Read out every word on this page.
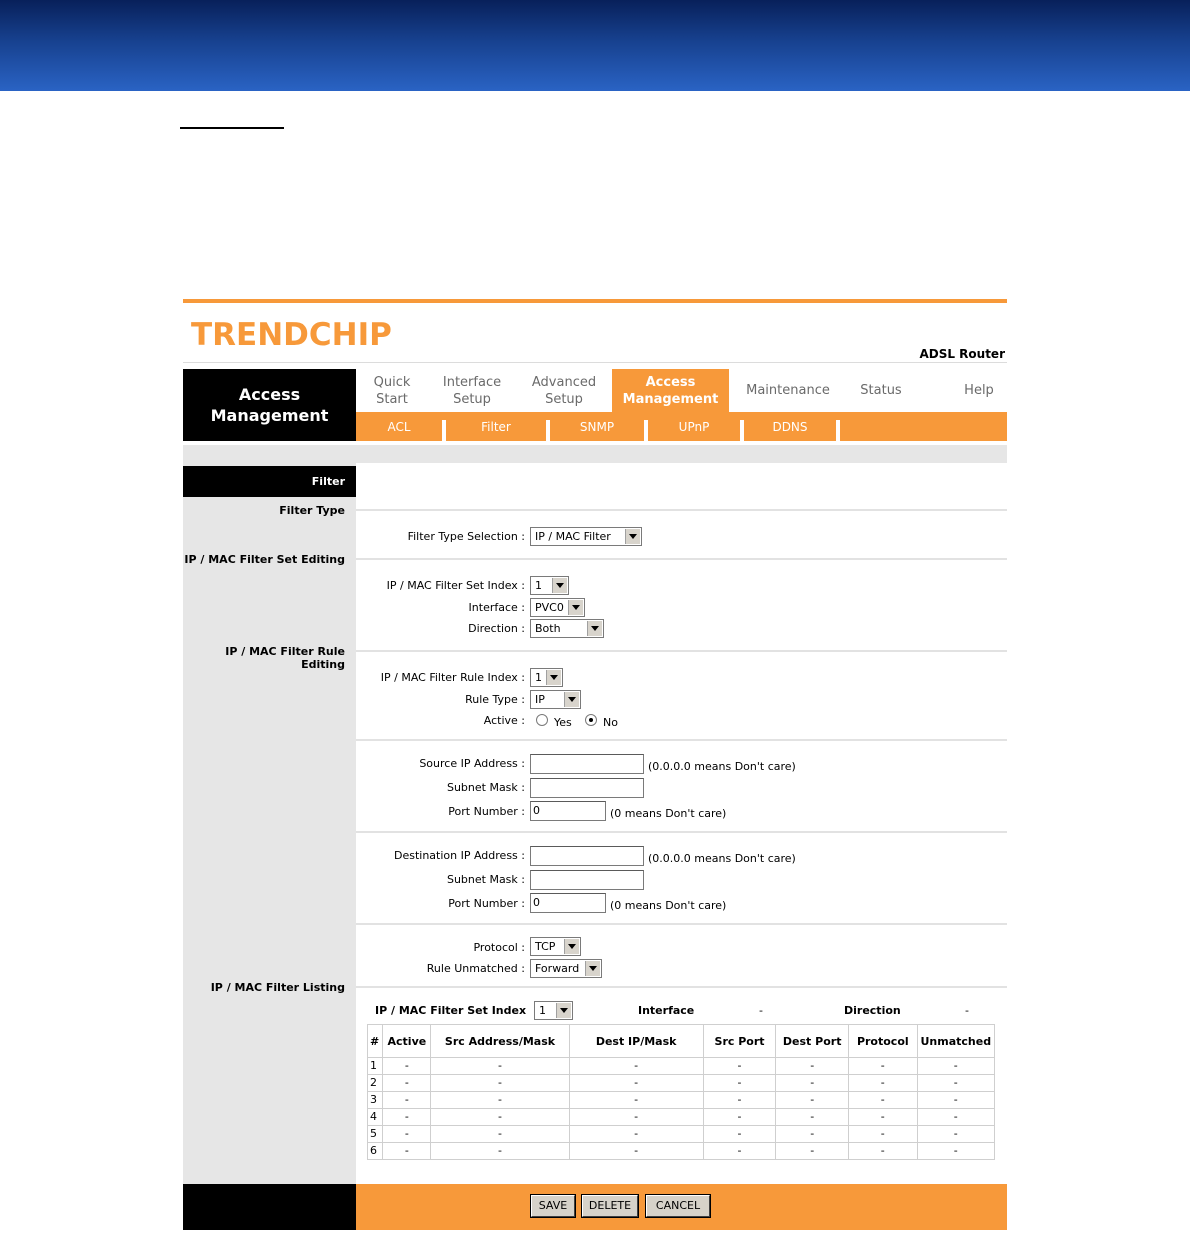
TRENDCHIP
ADSL Router
Access
Management
Quick
Start
Interface
Setup
Advanced
Setup
Access
Management
Maintenance	Status	Help
ACL	Filter	SNMP	UPnP	DDNS
Filter
Filter Type
IP / MAC Filter Set Editing
IP / MAC Filter Rule Editing
IP / MAC Filter Listing
Filter Type Selection : IP / MAC Filter
IP / MAC Filter Set Index : 1
Interface : PVC0
Direction : Both
IP / MAC Filter Rule Index : 1
Rule Type : IP
Active :	Yes	No
Source IP Address :	(0.0.0.0 means Don't care)
Subnet Mask :
Port Number : 0	(0 means Don't care)
Destination IP Address :	(0.0.0.0 means Don't care)
Subnet Mask :
Port Number : 0	(0 means Don't care)
Protocol : TCP
Rule Unmatched : Forward
IP / MAC Filter Set Index	1	Interface	-	Direction	-
#	Active	Src Address/Mask	Dest IP/Mask	Src Port	Dest Port	Protocol	Unmatched
1	-	-	-	-	-	-	-
2	-	-	-	-	-	-	-
3	-	-	-	-	-	-	-
4	-	-	-	-	-	-	-
5	-	-	-	-	-	-	-
6	-	-	-	-	-	-	-
SAVE	DELETE	CANCEL
